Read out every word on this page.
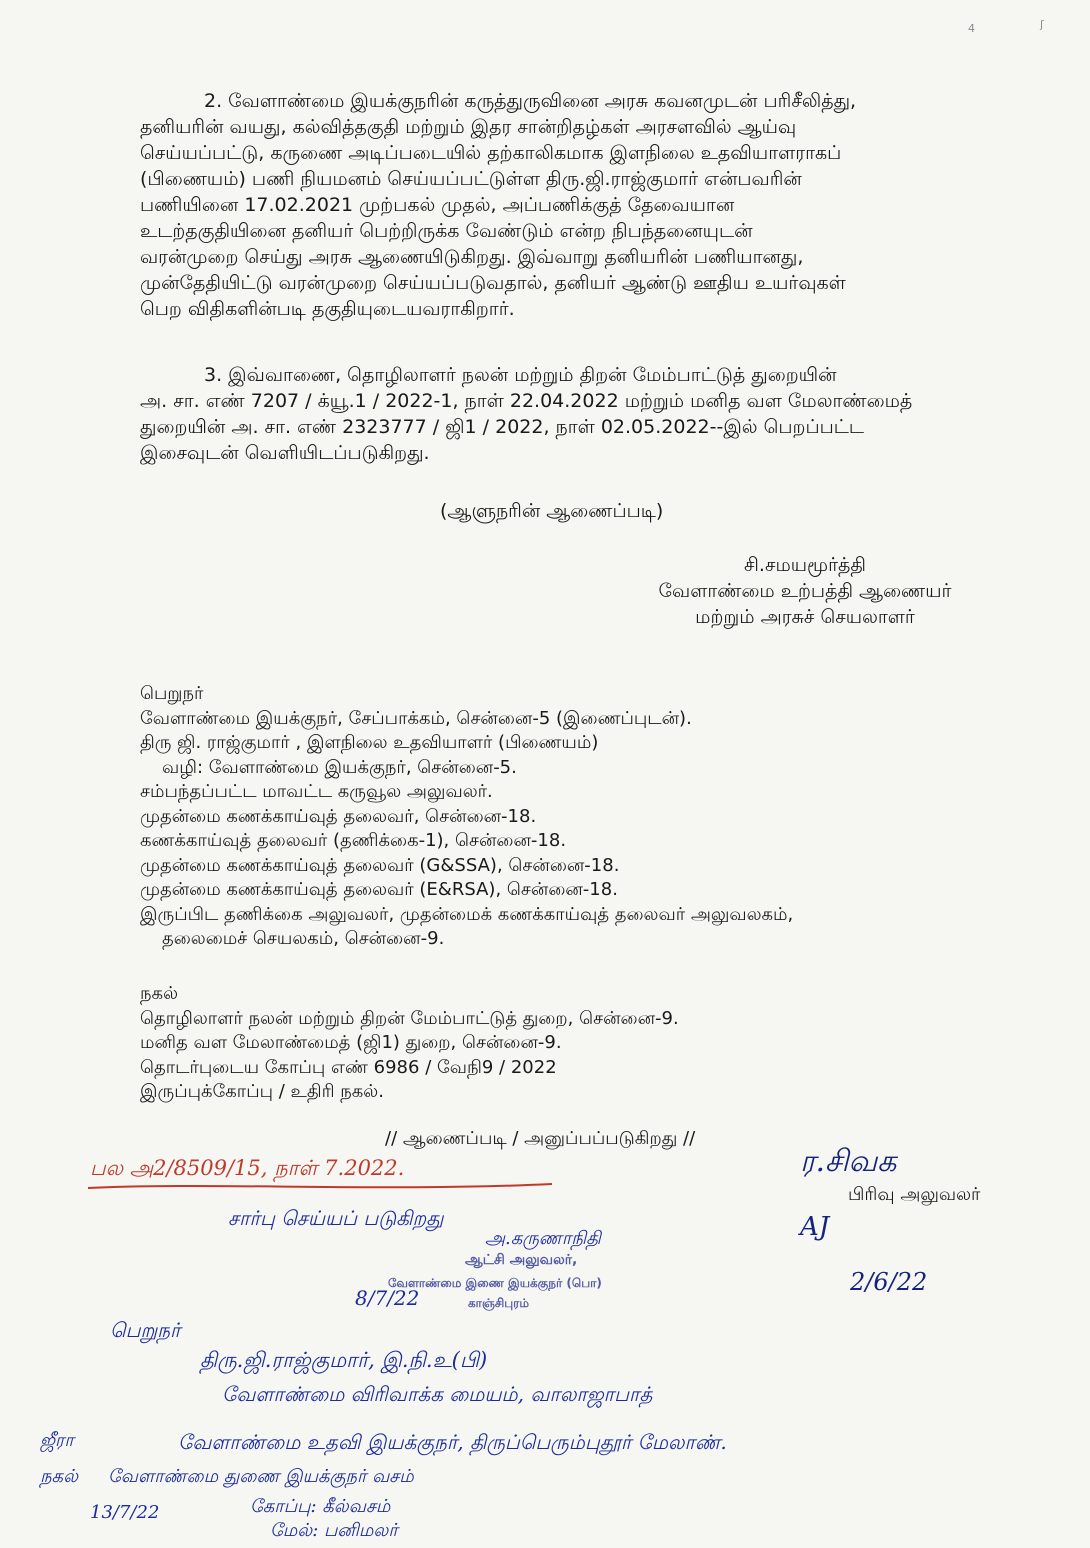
4	ʃ
2. வேளாண்மை இயக்குநரின் கருத்துருவினை அரசு கவனமுடன் பரிசீலித்து,
தனியரின் வயது, கல்வித்தகுதி மற்றும் இதர சான்றிதழ்கள் அரசளவில் ஆய்வு
செய்யப்பட்டு, கருணை அடிப்படையில் தற்காலிகமாக இளநிலை உதவியாளராகப்
(பிணையம்) பணி நியமனம் செய்யப்பட்டுள்ள திரு.ஜி.ராஜ்குமார் என்பவரின்
பணியினை 17.02.2021 முற்பகல் முதல், அப்பணிக்குத் தேவையான
உடற்தகுதியினை தனியர் பெற்றிருக்க வேண்டும் என்ற நிபந்தனையுடன்
வரன்முறை செய்து அரசு ஆணையிடுகிறது. இவ்வாறு தனியரின் பணியானது,
முன்தேதியிட்டு வரன்முறை செய்யப்படுவதால், தனியர் ஆண்டு ஊதிய உயர்வுகள்
பெற விதிகளின்படி தகுதியுடையவராகிறார்.
3. இவ்வாணை, தொழிலாளர் நலன் மற்றும் திறன் மேம்பாட்டுத் துறையின்
அ. சா. எண் 7207 / க்யூ.1 / 2022-1, நாள் 22.04.2022 மற்றும் மனித வள மேலாண்மைத்
துறையின் அ. சா. எண் 2323777 / ஜி1 / 2022, நாள் 02.05.2022--இல் பெறப்பட்ட
இசைவுடன் வெளியிடப்படுகிறது.
(ஆளுநரின் ஆணைப்படி)
சி.சமயமூர்த்தி
வேளாண்மை உற்பத்தி ஆணையர்
மற்றும் அரசுச் செயலாளர்
பெறுநர்
வேளாண்மை இயக்குநர், சேப்பாக்கம், சென்னை-5 (இணைப்புடன்).
திரு ஜி. ராஜ்குமார் , இளநிலை உதவியாளர் (பிணையம்)
வழி: வேளாண்மை இயக்குநர், சென்னை-5.
சம்பந்தப்பட்ட மாவட்ட கருவூல அலுவலர்.
முதன்மை கணக்காய்வுத் தலைவர், சென்னை-18.
கணக்காய்வுத் தலைவர் (தணிக்கை-1), சென்னை-18.
முதன்மை கணக்காய்வுத் தலைவர் (G&SSA), சென்னை-18.
முதன்மை கணக்காய்வுத் தலைவர் (E&RSA), சென்னை-18.
இருப்பிட தணிக்கை அலுவலர், முதன்மைக் கணக்காய்வுத் தலைவர் அலுவலகம்,
தலைமைச் செயலகம், சென்னை-9.
நகல்
தொழிலாளர் நலன் மற்றும் திறன் மேம்பாட்டுத் துறை, சென்னை-9.
மனித வள மேலாண்மைத் (ஜி1) துறை, சென்னை-9.
தொடர்புடைய கோப்பு எண் 6986 / வேநி9 / 2022
இருப்புக்கோப்பு / உதிரி நகல்.
// ஆணைப்படி / அனுப்பப்படுகிறது //
ர.சிவக
பிரிவு அலுவலர்
AJ
2/6/22
பல அ2/8509/15, நாள் 7.2022.
சார்பு செய்யப் படுகிறது
அ.கருணாநிதி
ஆட்சி அலுவலர்,
வேளாண்மை இணை இயக்குநர் (பொ)
காஞ்சிபுரம்
8/7/22
பெறுநர்
திரு.ஜி.ராஜ்குமார், இ.நி.உ(பி)
வேளாண்மை விரிவாக்க மையம், வாலாஜாபாத்
வேளாண்மை உதவி இயக்குநர், திருப்பெரும்புதூர் மேலாண்.
ஜீரா
நகல் வேளாண்மை துணை இயக்குநர் வசம்
13/7/22	கோப்பு: கீல்வசம்
மேல்: பனிமலர்
